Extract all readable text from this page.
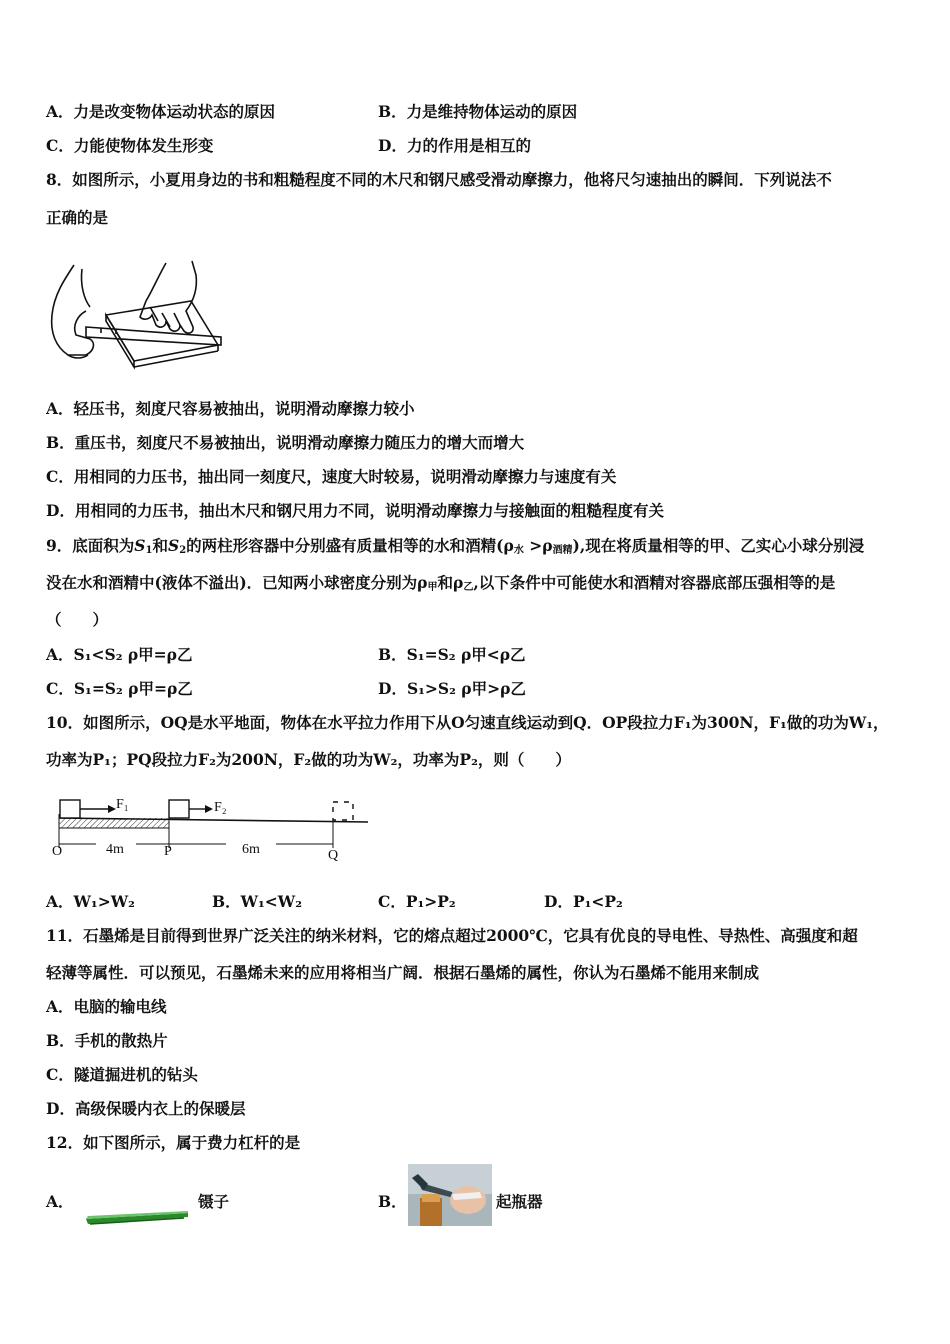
A．力是改变物体运动状态的原因	B．力是维持物体运动的原因
C．力能使物体发生形变	D．力的作用是相互的
8．如图所示，小夏用身边的书和粗糙程度不同的木尺和钢尺感受滑动摩擦力，他将尺匀速抽出的瞬间．下列说法不
正确的是
A．轻压书，刻度尺容易被抽出，说明滑动摩擦力较小
B．重压书，刻度尺不易被抽出，说明滑动摩擦力随压力的增大而增大
C．用相同的力压书，抽出同一刻度尺，速度大时较易，说明滑动摩擦力与速度有关
D．用相同的力压书，抽出木尺和钢尺用力不同，说明滑动摩擦力与接触面的粗糙程度有关
9．底面积为$S_1$和$S_2$的两柱形容器中分别盛有质量相等的水和酒精$(\rho_水 >\rho_{酒精})$,现在将质量相等的甲、乙实心小球分别浸
没在水和酒精中(液体不溢出)．已知两小球密度分别为$\rho_甲$和$\rho_乙$,以下条件中可能使水和酒精对容器底部压强相等的是
（　　）
A．S₁<S₂ ρ甲=ρ乙	B．S₁=S₂ ρ甲<ρ乙
C．S₁=S₂ ρ甲=ρ乙	D．S₁>S₂ ρ甲>ρ乙
10．如图所示，OQ是水平地面，物体在水平拉力作用下从O匀速直线运动到Q．OP段拉力F₁为300N，F₁做的功为W₁，
功率为P₁；PQ段拉力F₂为200N，F₂做的功为W₂，功率为P₂，则（　　）
F₁	F₂
O	P	Q
4m	6m
A．W₁>W₂	B．W₁<W₂	C．P₁>P₂	D．P₁<P₂
11．石墨烯是目前得到世界广泛关注的纳米材料，它的熔点超过2000℃，它具有优良的导电性、导热性、高强度和超
轻薄等属性．可以预见，石墨烯未来的应用将相当广阔．根据石墨烯的属性，你认为石墨烯不能用来制成
A．电脑的输电线
B．手机的散热片
C．隧道掘进机的钻头
D．高级保暖内衣上的保暖层
12．如下图所示，属于费力杠杆的是
A．	镊子	B．	起瓶器
